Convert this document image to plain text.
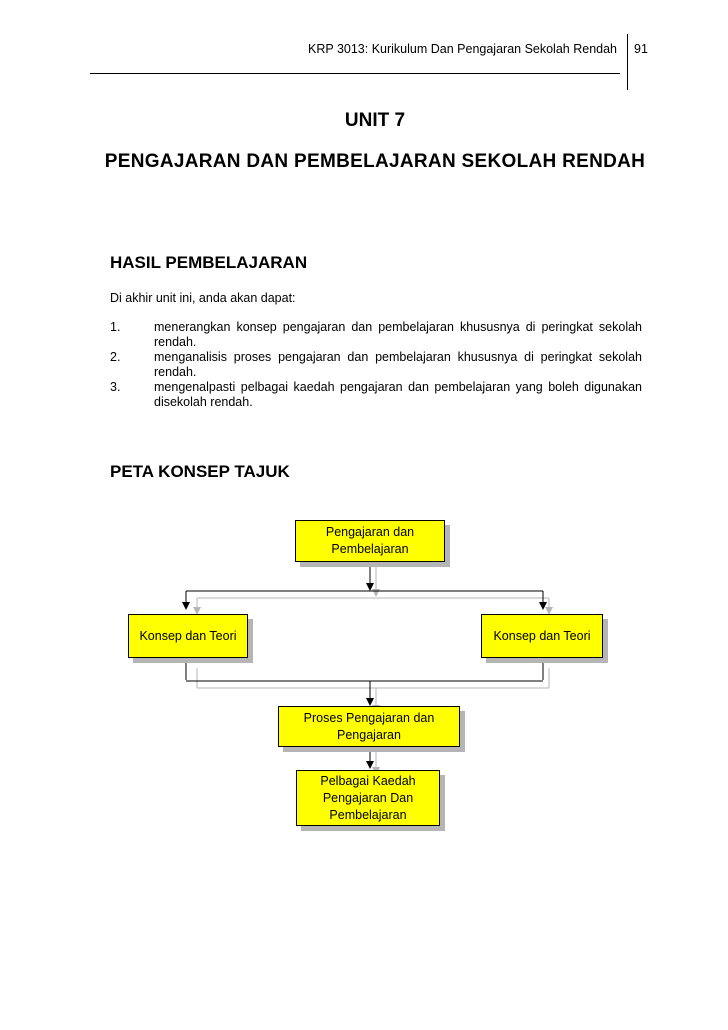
KRP 3013: Kurikulum Dan Pengajaran Sekolah Rendah 91
UNIT 7
PENGAJARAN DAN PEMBELAJARAN SEKOLAH RENDAH
HASIL PEMBELAJARAN
Di akhir unit ini, anda akan dapat:
1.	menerangkan konsep pengajaran dan pembelajaran khususnya di peringkat sekolah rendah.
2.	menganalisis proses pengajaran dan pembelajaran khususnya di peringkat sekolah rendah.
3.	mengenalpasti pelbagai kaedah pengajaran dan pembelajaran yang boleh digunakan disekolah rendah.
PETA KONSEP TAJUK
Pengajaran dan Pembelajaran
Konsep dan Teori	Konsep dan Teori
Proses Pengajaran dan Pengajaran
Pelbagai Kaedah Pengajaran Dan Pembelajaran
